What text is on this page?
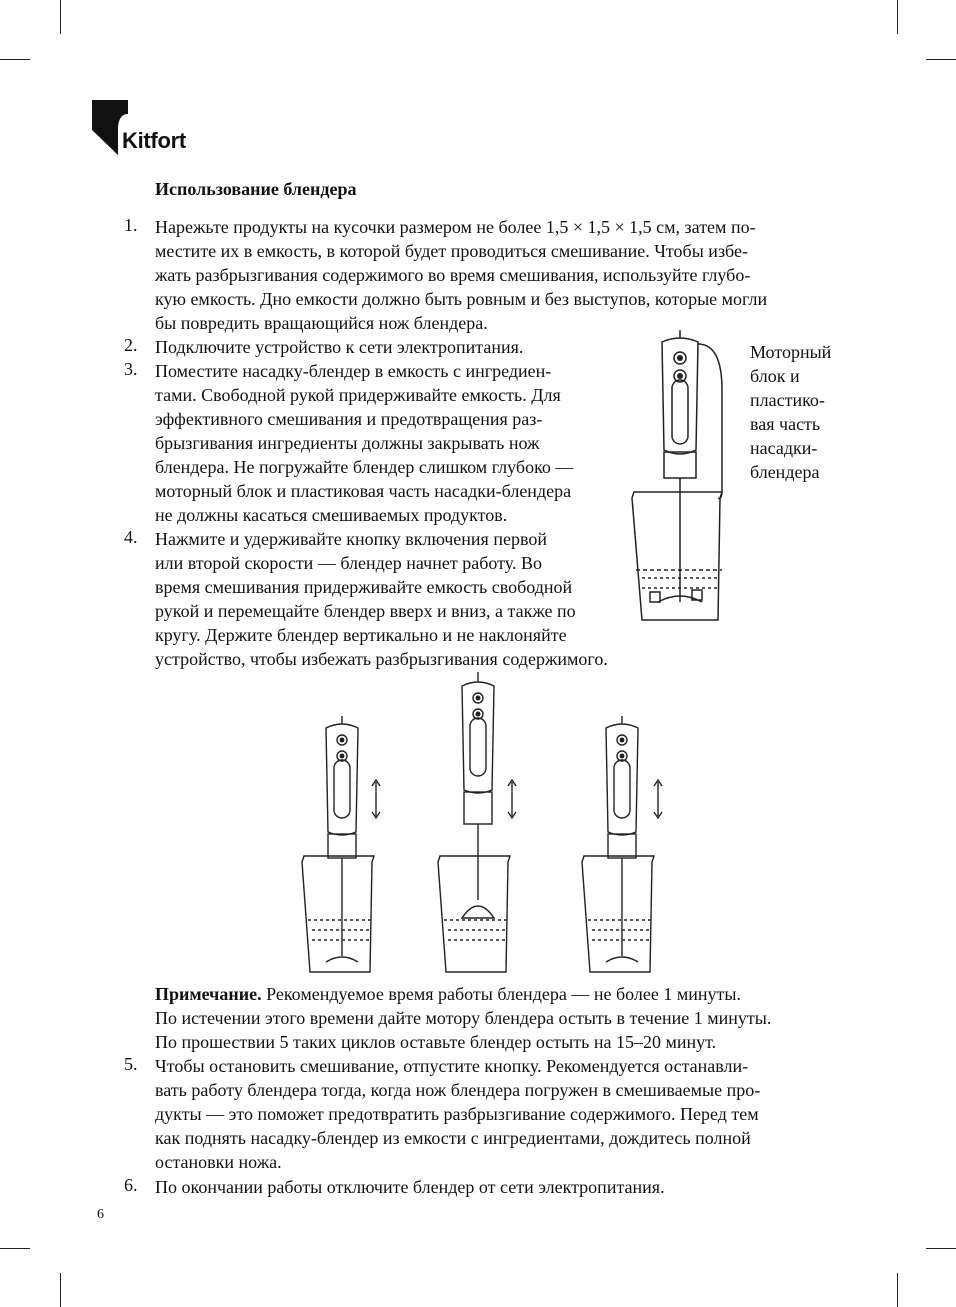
Kitfort
Использование блендера
1. Нарежьте продукты на кусочки размером не более 1,5 × 1,5 × 1,5 см, затем по-
местите их в емкость, в которой будет проводиться смешивание. Чтобы избе-
жать разбрызгивания содержимого во время смешивания, используйте глубо-
кую емкость. Дно емкости должно быть ровным и без выступов, которые могли
бы повредить вращающийся нож блендера.
2. Подключите устройство к сети электропитания.
3. Поместите насадку-блендер в емкость с ингредиен-
тами. Свободной рукой придерживайте емкость. Для
эффективного смешивания и предотвращения раз-
брызгивания ингредиенты должны закрывать нож
блендера. Не погружайте блендер слишком глубоко —
моторный блок и пластиковая часть насадки-блендера
не должны касаться смешиваемых продуктов.
4. Нажмите и удерживайте кнопку включения первой
или второй скорости — блендер начнет работу. Во
время смешивания придерживайте емкость свободной
рукой и перемещайте блендер вверх и вниз, а также по
кругу. Держите блендер вертикально и не наклоняйте
устройство, чтобы избежать разбрызгивания содержимого.
Моторный
блок и
пластико-
вая часть
насадки-
блендера
Примечание. Рекомендуемое время работы блендера — не более 1 минуты.
По истечении этого времени дайте мотору блендера остыть в течение 1 минуты.
По прошествии 5 таких циклов оставьте блендер остыть на 15–20 минут.
5. Чтобы остановить смешивание, отпустите кнопку. Рекомендуется останавли-
вать работу блендера тогда, когда нож блендера погружен в смешиваемые про-
дукты — это поможет предотвратить разбрызгивание содержимого. Перед тем
как поднять насадку-блендер из емкости с ингредиентами, дождитесь полной
остановки ножа.
6. По окончании работы отключите блендер от сети электропитания.
6
